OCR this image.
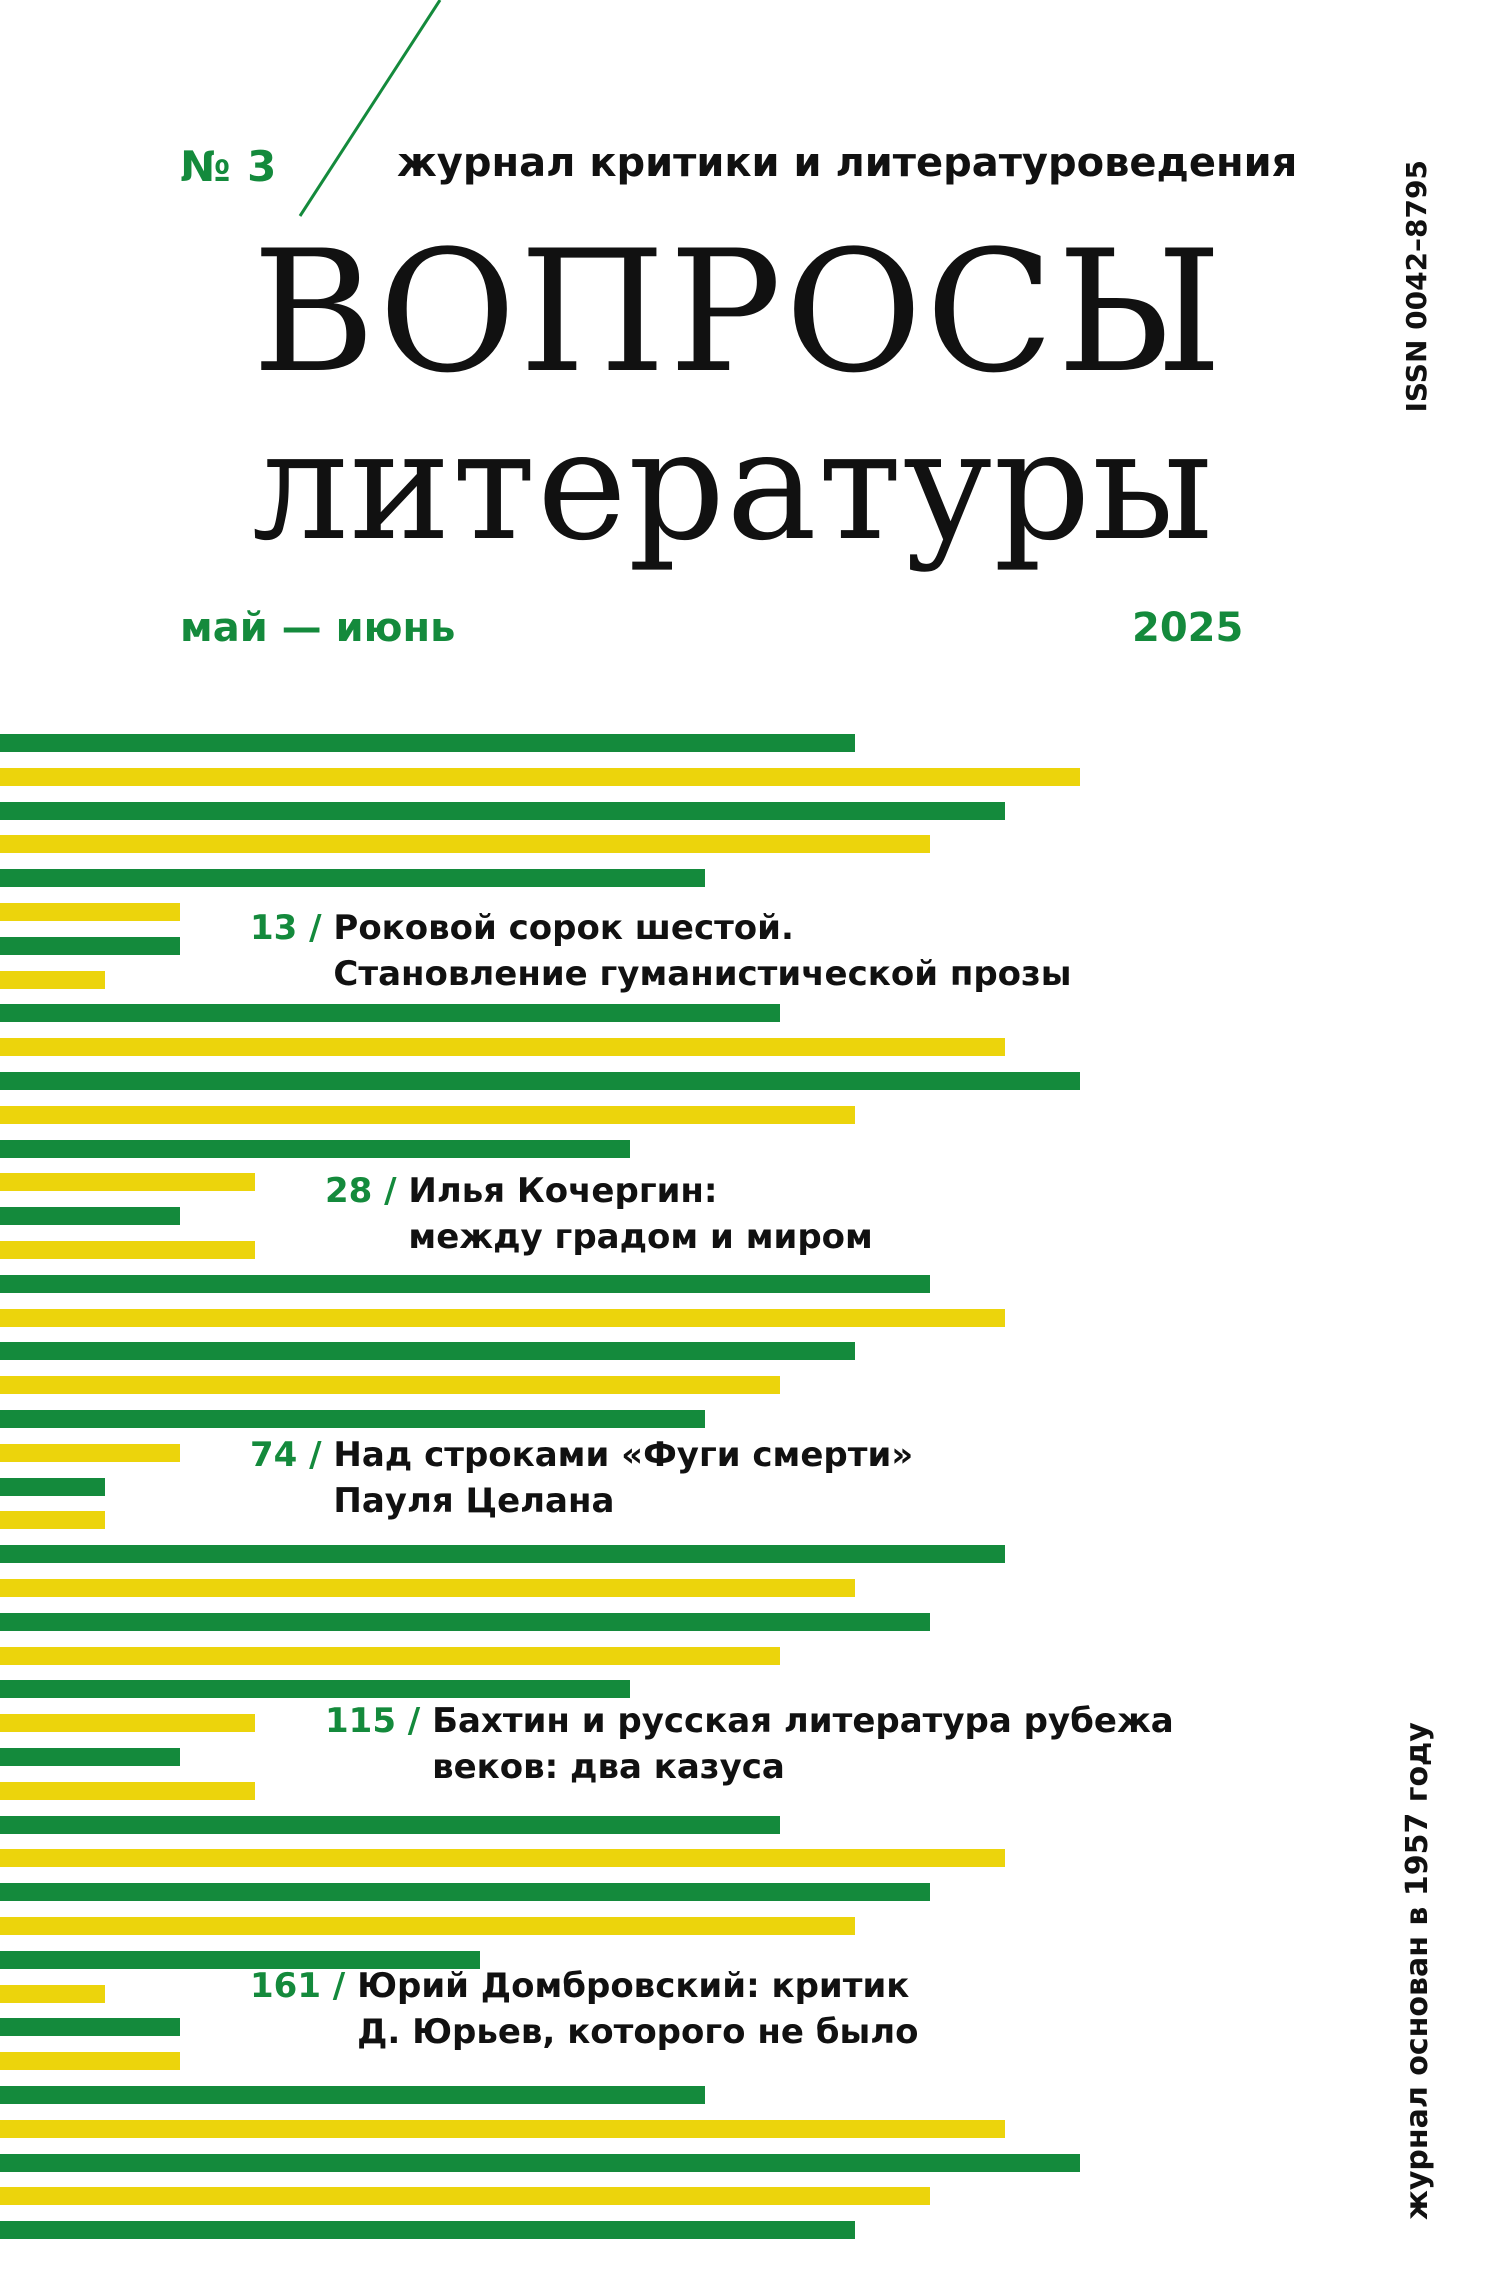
№ 3	журнал критики и литературоведения
ВОПРОСЫ
литературы
май — июнь	2025
ISSN 0042–8795
журнал основан в 1957 году
13 / Роковой сорок шестой.
Становление гуманистической прозы
28 / Илья Кочергин:
между градом и миром
74 / Над строками «Фуги смерти»
Пауля Целана
115 / Бахтин и русская литература рубежа
веков: два казуса
161 / Юрий Домбровский: критик
Д. Юрьев, которого не было
